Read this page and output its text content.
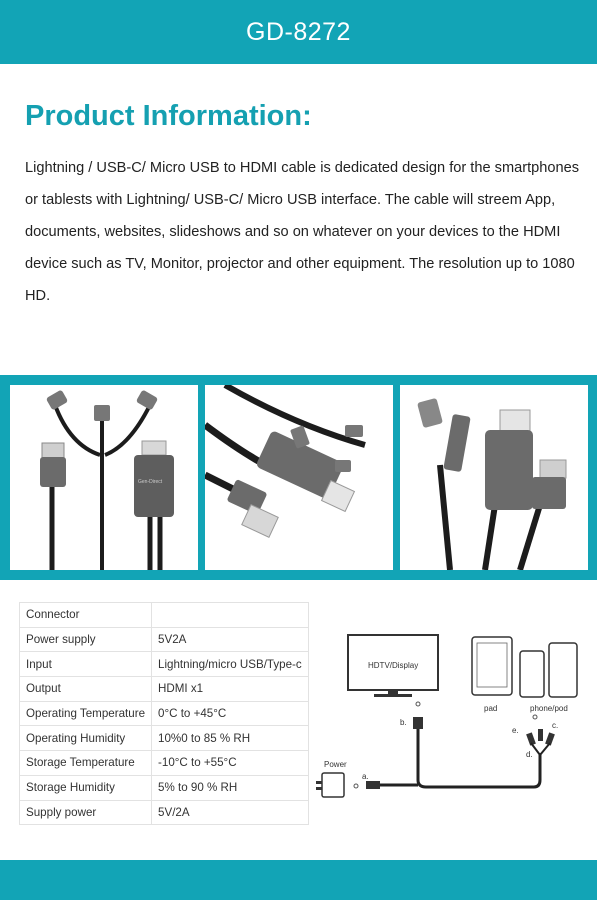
GD-8272
Product Information:

Lightning / USB-C/ Micro USB to HDMI cable is dedicated design for the smartphones or tablests with Lightning/ USB-C/ Micro USB interface. The cable will streem App, documents, websites, slideshows and so on whatever on your devices to the HDMI device such as TV, Monitor, projector and other equipment. The resolution up to 1080 HD.

Gen-Direct
Connector	
Power supply	5V2A
Input	Lightning/micro USB/Type-c
Output	HDMI x1
Operating Temperature	0°C to +45°C
Operating Humidity	10%0 to 85 % RH
Storage Temperature	-10°C to +55°C
Storage Humidity	5% to 90 % RH
Supply power	5V/2A
HDTV/Display
pad	phone/pod
Power
a.
b.	c.
d.
e.
